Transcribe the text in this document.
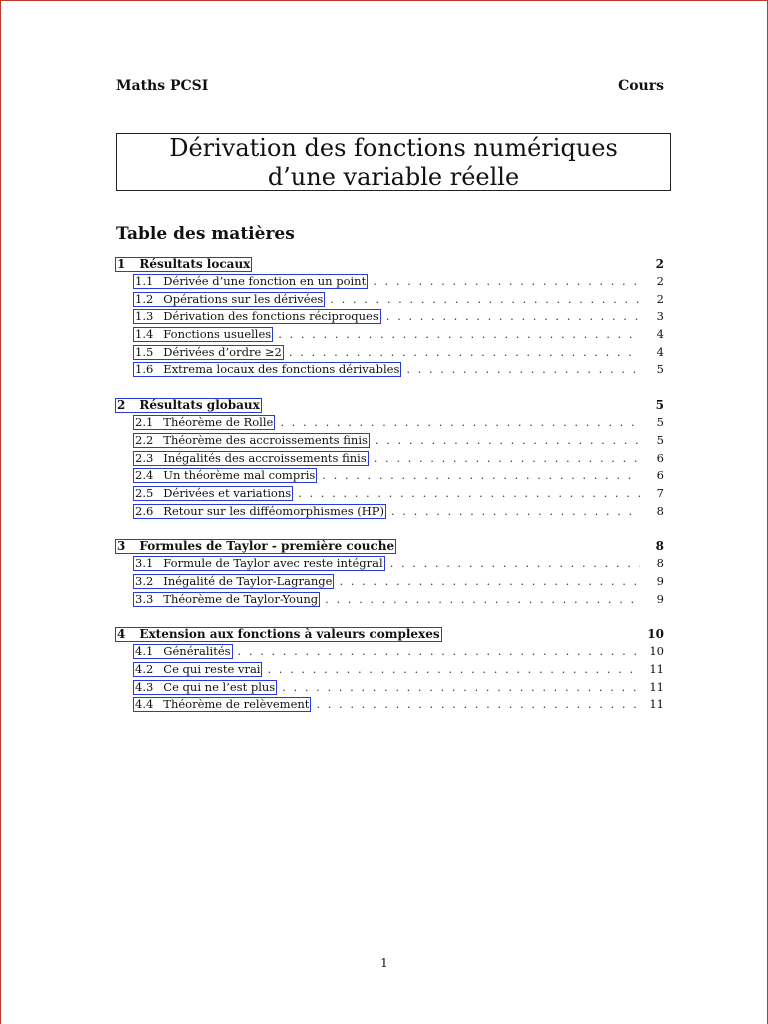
Maths PCSI	Cours
Dérivation des fonctions numériques
d’une variable réelle
Table des matières
1 Résultats locaux	2
1.1 Dérivée d’une fonction en un point . . .	2
1.2 Opérations sur les dérivées . . .	2
1.3 Dérivation des fonctions réciproques . . .	3
1.4 Fonctions usuelles . . .	4
1.5 Dérivées d’ordre ≥2 . . .	4
1.6 Extrema locaux des fonctions dérivables . . .	5
2 Résultats globaux	5
2.1 Théorème de Rolle . . .	5
2.2 Théorème des accroissements finis . . .	5
2.3 Inégalités des accroissements finis . . .	6
2.4 Un théorème mal compris . . .	6
2.5 Dérivées et variations . . .	7
2.6 Retour sur les difféomorphismes (HP) . . .	8
3 Formules de Taylor - première couche	8
3.1 Formule de Taylor avec reste intégral . . .	8
3.2 Inégalité de Taylor-Lagrange . . .	9
3.3 Théorème de Taylor-Young . . .	9
4 Extension aux fonctions à valeurs complexes	10
4.1 Généralités . . .	10
4.2 Ce qui reste vrai . . .	11
4.3 Ce qui ne l’est plus . . .	11
4.4 Théorème de relèvement . . .	11
1
